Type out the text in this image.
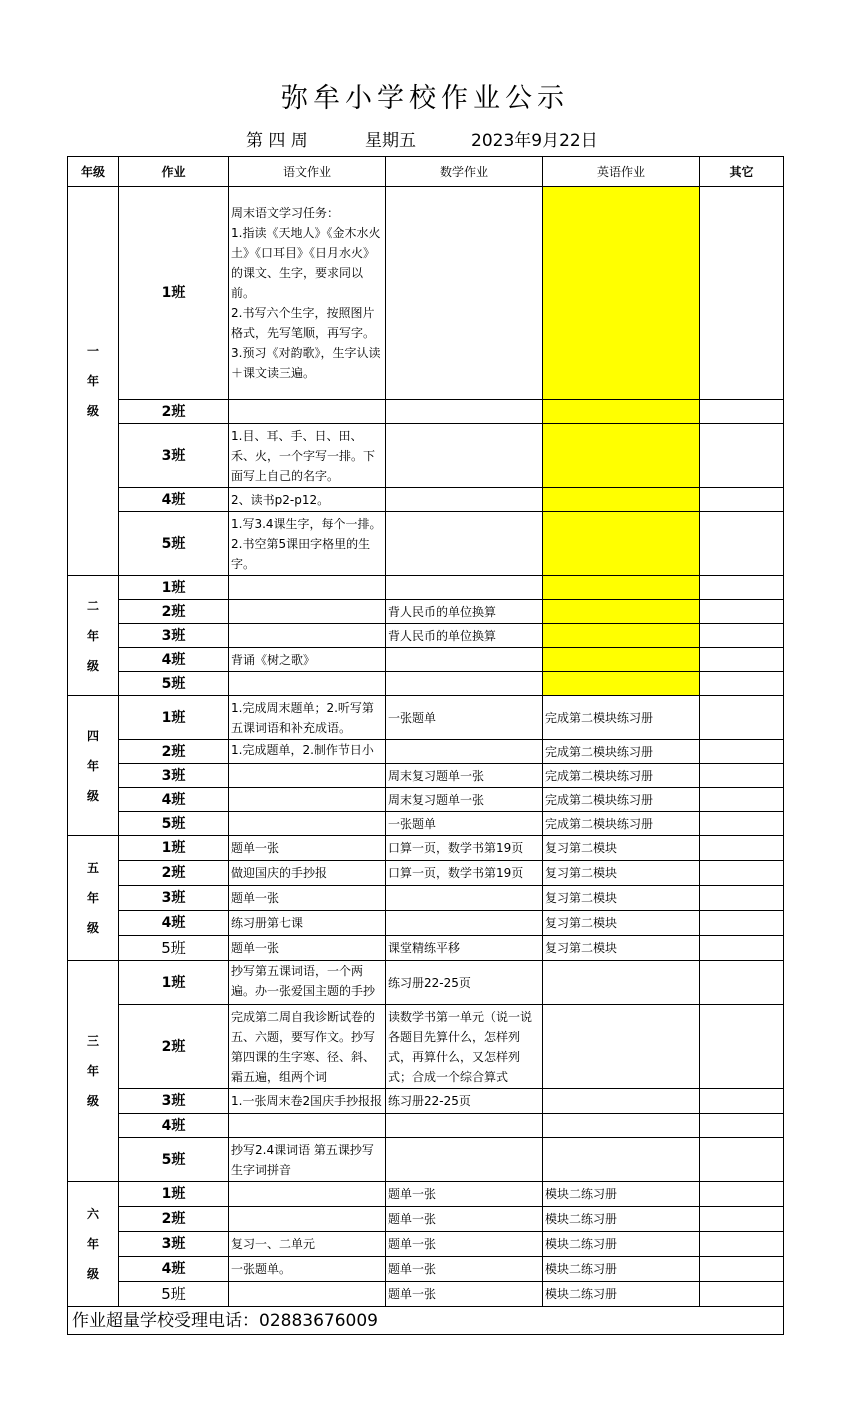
弥牟小学校作业公示
第 四 周	星期五	2023年9月22日
年级	作业	语文作业	数学作业	英语作业	其它

一年级	1班	周末语文学习任务：
1.指读《天地人》《金木水火土》《口耳目》《日月水火》的课文、生字，要求同以前。
2.书写六个生字，按照图片格式，先写笔顺，再写字。
3.预习《对韵歌》，生字认读＋课文读三遍。			

	2班	

	3班	1.目、耳、手、日、田、禾、火，一个字写一排。下面写上自己的名字。			

	4班	2、读书p2-p12。			

	5班	1.写3.4课生字，每个一排。2.书空第5课田字格里的生字。			

二年级	1班	

	2班		背人民币的单位换算		

	3班		背人民币的单位换算		

	4班	背诵《树之歌》			

	5班	

四年级	1班	1.完成周末题单；2.听写第五课词语和补充成语。	一张题单	完成第二模块练习册	

	2班	1.完成题单，2.制作节日小		完成第二模块练习册	

	3班		周末复习题单一张	完成第二模块练习册	

	4班		周末复习题单一张	完成第二模块练习册	

	5班		一张题单	完成第二模块练习册	

五年级	1班	题单一张	口算一页，数学书第19页	复习第二模块	

	2班	做迎国庆的手抄报	口算一页，数学书第19页	复习第二模块	

	3班	题单一张		复习第二模块	

	4班	练习册第七课		复习第二模块	

	5班	题单一张	课堂精练平移	复习第二模块	

三年级	1班	抄写第五课词语，一个两遍。办一张爱国主题的手抄	练习册22-25页		

	2班	完成第二周自我诊断试卷的五、六题，要写作文。抄写第四课的生字寒、径、斜、霜五遍，组两个词	读数学书第一单元（说一说各题目先算什么，怎样列式，再算什么，又怎样列式；合成一个综合算式		

	3班	1.一张周末卷2国庆手抄报报	练习册22-25页		

	4班	

	5班	抄写2.4课词语 第五课抄写生字词拼音			

六年级	1班		题单一张	模块二练习册	

	2班		题单一张	模块二练习册	

	3班	复习一、二单元	题单一张	模块二练习册	

	4班	一张题单。	题单一张	模块二练习册	

	5班		题单一张	模块二练习册	

作业超量学校受理电话：02883676009					
